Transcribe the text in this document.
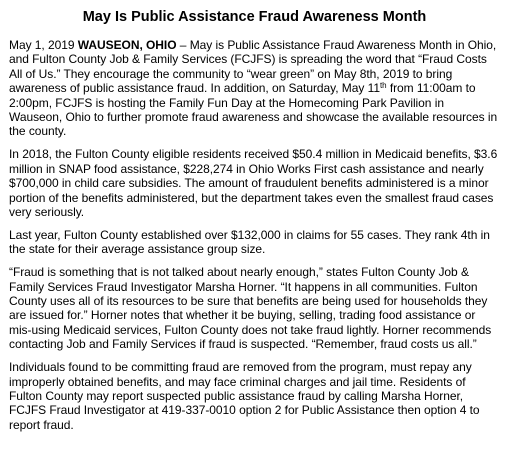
May Is Public Assistance Fraud Awareness Month

May 1, 2019 WAUSEON, OHIO – May is Public Assistance Fraud Awareness Month in Ohio, and Fulton County Job & Family Services (FCJFS) is spreading the word that “Fraud Costs All of Us.” They encourage the community to “wear green” on May 8th, 2019 to bring awareness of public assistance fraud. In addition, on Saturday, May 11th from 11:00am to 2:00pm, FCJFS is hosting the Family Fun Day at the Homecoming Park Pavilion in Wauseon, Ohio to further promote fraud awareness and showcase the available resources in the county.

In 2018, the Fulton County eligible residents received $50.4 million in Medicaid benefits, $3.6 million in SNAP food assistance, $228,274 in Ohio Works First cash assistance and nearly $700,000 in child care subsidies. The amount of fraudulent benefits administered is a minor portion of the benefits administered, but the department takes even the smallest fraud cases very seriously.

Last year, Fulton County established over $132,000 in claims for 55 cases. They rank 4th in the state for their average assistance group size.

“Fraud is something that is not talked about nearly enough,” states Fulton County Job & Family Services Fraud Investigator Marsha Horner. “It happens in all communities. Fulton County uses all of its resources to be sure that benefits are being used for households they are issued for.” Horner notes that whether it be buying, selling, trading food assistance or mis-using Medicaid services, Fulton County does not take fraud lightly. Horner recommends contacting Job and Family Services if fraud is suspected. “Remember, fraud costs us all.”

Individuals found to be committing fraud are removed from the program, must repay any improperly obtained benefits, and may face criminal charges and jail time. Residents of Fulton County may report suspected public assistance fraud by calling Marsha Horner, FCJFS Fraud Investigator at 419-337-0010 option 2 for Public Assistance then option 4 to report fraud.
